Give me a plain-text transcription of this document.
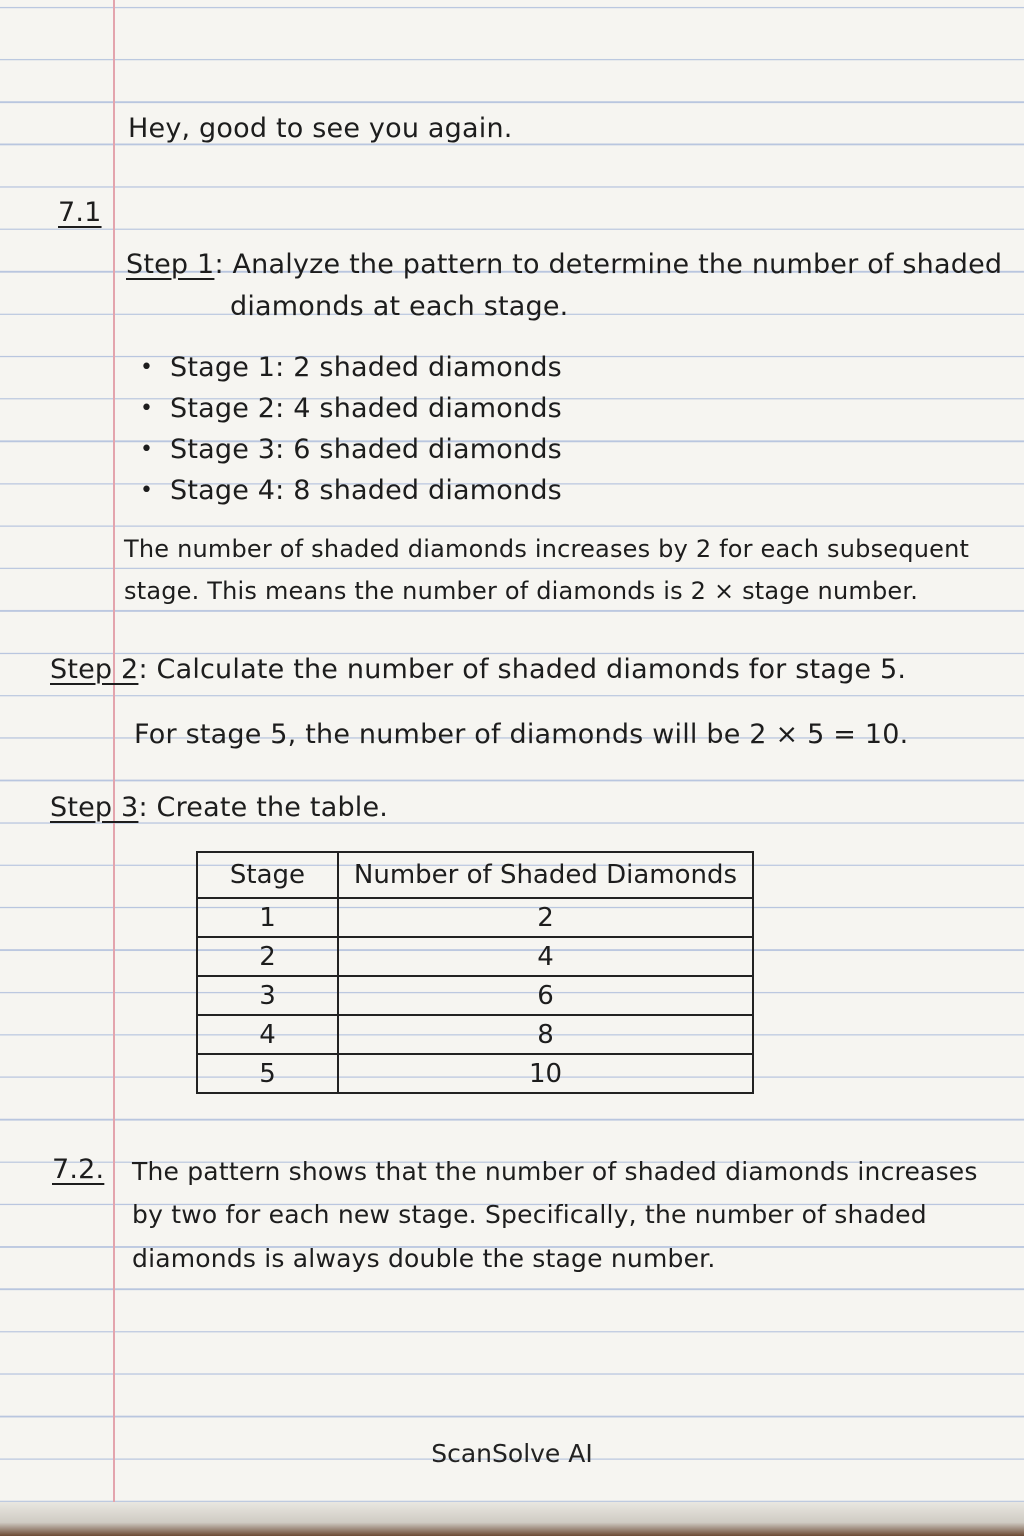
Hey, good to see you again.
7.1
Step 1: Analyze the pattern to determine the number of shaded
diamonds at each stage.
• Stage 1: 2 shaded diamonds
• Stage 2: 4 shaded diamonds
• Stage 3: 6 shaded diamonds
• Stage 4: 8 shaded diamonds
The number of shaded diamonds increases by 2 for each subsequent
stage. This means the number of diamonds is 2 × stage number.
Step 2: Calculate the number of shaded diamonds for stage 5.
For stage 5, the number of diamonds will be 2 × 5 = 10.
Step 3: Create the table.
Stage	Number of Shaded Diamonds
1	2
2	4
3	6
4	8
5	10
7.2. The pattern shows that the number of shaded diamonds increases
by two for each new stage. Specifically, the number of shaded
diamonds is always double the stage number.
ScanSolve AI
